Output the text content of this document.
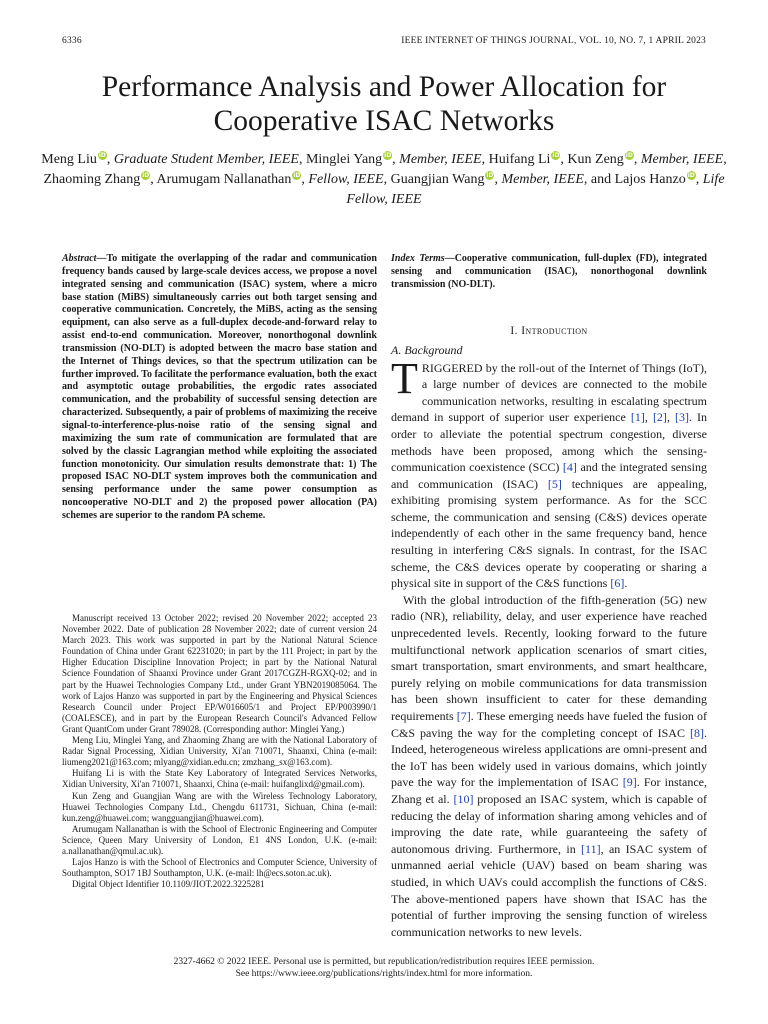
6336	IEEE INTERNET OF THINGS JOURNAL, VOL. 10, NO. 7, 1 APRIL 2023
Performance Analysis and Power Allocation for Cooperative ISAC Networks
Meng Liu iD, Graduate Student Member, IEEE, Minglei Yang iD, Member, IEEE, Huifang Li iD, Kun Zeng iD, Member, IEEE, Zhaoming Zhang iD, Arumugam Nallanathan iD, Fellow, IEEE, Guangjian Wang iD, Member, IEEE, and Lajos Hanzo iD, Life Fellow, IEEE

Abstract—To mitigate the overlapping of the radar and communication frequency bands caused by large-scale devices access, we propose a novel integrated sensing and communication (ISAC) system, where a micro base station (MiBS) simultaneously carries out both target sensing and cooperative communication. Concretely, the MiBS, acting as the sensing equipment, can also serve as a full-duplex decode-and-forward relay to assist end-to-end communication. Moreover, nonorthogonal downlink transmission (NO-DLT) is adopted between the macro base station and the Internet of Things devices, so that the spectrum utilization can be further improved. To facilitate the performance evaluation, both the exact and asymptotic outage probabilities, the ergodic rates associated communication, and the probability of successful sensing detection are characterized. Subsequently, a pair of problems of maximizing the receive signal-to-interference-plus-noise ratio of the sensing signal and maximizing the sum rate of communication are formulated that are solved by the classic Lagrangian method while exploiting the associated function monotonicity. Our simulation results demonstrate that: 1) The proposed ISAC NO-DLT system improves both the communication and sensing performance under the same power consumption as noncooperative NO-DLT and 2) the proposed power allocation (PA) schemes are superior to the random PA scheme.

Manuscript received 13 October 2022; revised 20 November 2022; accepted 23 November 2022. Date of publication 28 November 2022; date of current version 24 March 2023. This work was supported in part by the National Natural Science Foundation of China under Grant 62231020; in part by the 111 Project; in part by the Higher Education Discipline Innovation Project; in part by the National Natural Science Foundation of Shaanxi Province under Grant 2017CGZH-RGXQ-02; and in part by the Huawei Technologies Company Ltd., under Grant YBN2019085064. The work of Lajos Hanzo was supported in part by the Engineering and Physical Sciences Research Council under Project EP/W016605/1 and Project EP/P003990/1 (COALESCE), and in part by the European Research Council's Advanced Fellow Grant QuantCom under Grant 789028. (Corresponding author: Minglei Yang.)

Meng Liu, Minglei Yang, and Zhaoming Zhang are with the National Laboratory of Radar Signal Processing, Xidian University, Xi'an 710071, Shaanxi, China (e-mail: liumeng2021@163.com; mlyang@xidian.edu.cn; zmzhang_sx@163.com).

Huifang Li is with the State Key Laboratory of Integrated Services Networks, Xidian University, Xi'an 710071, Shaanxi, China (e-mail: huifanglixd@gmail.com).

Kun Zeng and Guangjian Wang are with the Wireless Technology Laboratory, Huawei Technologies Company Ltd., Chengdu 611731, Sichuan, China (e-mail: kun.zeng@huawei.com; wangguangjian@huawei.com).

Arumugam Nallanathan is with the School of Electronic Engineering and Computer Science, Queen Mary University of London, E1 4NS London, U.K. (e-mail: a.nallanathan@qmul.ac.uk).

Lajos Hanzo is with the School of Electronics and Computer Science, University of Southampton, SO17 1BJ Southampton, U.K. (e-mail: lh@ecs.soton.ac.uk).

Digital Object Identifier 10.1109/JIOT.2022.3225281

Index Terms—Cooperative communication, full-duplex (FD), integrated sensing and communication (ISAC), nonorthogonal downlink transmission (NO-DLT).

I. Introduction
A. Background

TRIGGERED by the roll-out of the Internet of Things (IoT), a large number of devices are connected to the mobile communication networks, resulting in escalating spectrum demand in support of superior user experience [1], [2], [3]. In order to alleviate the potential spectrum congestion, diverse methods have been proposed, among which the sensing-communication coexistence (SCC) [4] and the integrated sensing and communication (ISAC) [5] techniques are appealing, exhibiting promising system performance. As for the SCC scheme, the communication and sensing (C&S) devices operate independently of each other in the same frequency band, hence resulting in interfering C&S signals. In contrast, for the ISAC scheme, the C&S devices operate by cooperating or sharing a physical site in support of the C&S functions [6].

With the global introduction of the fifth-generation (5G) new radio (NR), reliability, delay, and user experience have reached unprecedented levels. Recently, looking forward to the future multifunctional network application scenarios of smart cities, smart transportation, smart environments, and smart healthcare, purely relying on mobile communications for data transmission has been shown insufficient to cater for these demanding requirements [7]. These emerging needs have fueled the fusion of C&S paving the way for the completing concept of ISAC [8]. Indeed, heterogeneous wireless applications are omni-present and the IoT has been widely used in various domains, which jointly pave the way for the implementation of ISAC [9]. For instance, Zhang et al. [10] proposed an ISAC system, which is capable of reducing the delay of information sharing among vehicles and of improving the date rate, while guaranteeing the safety of autonomous driving. Furthermore, in [11], an ISAC system of unmanned aerial vehicle (UAV) based on beam sharing was studied, in which UAVs could accomplish the functions of C&S. The above-mentioned papers have shown that ISAC has the potential of further improving the sensing function of wireless communication networks to new levels.

2327-4662 © 2022 IEEE. Personal use is permitted, but republication/redistribution requires IEEE permission.
See https://www.ieee.org/publications/rights/index.html for more information.
